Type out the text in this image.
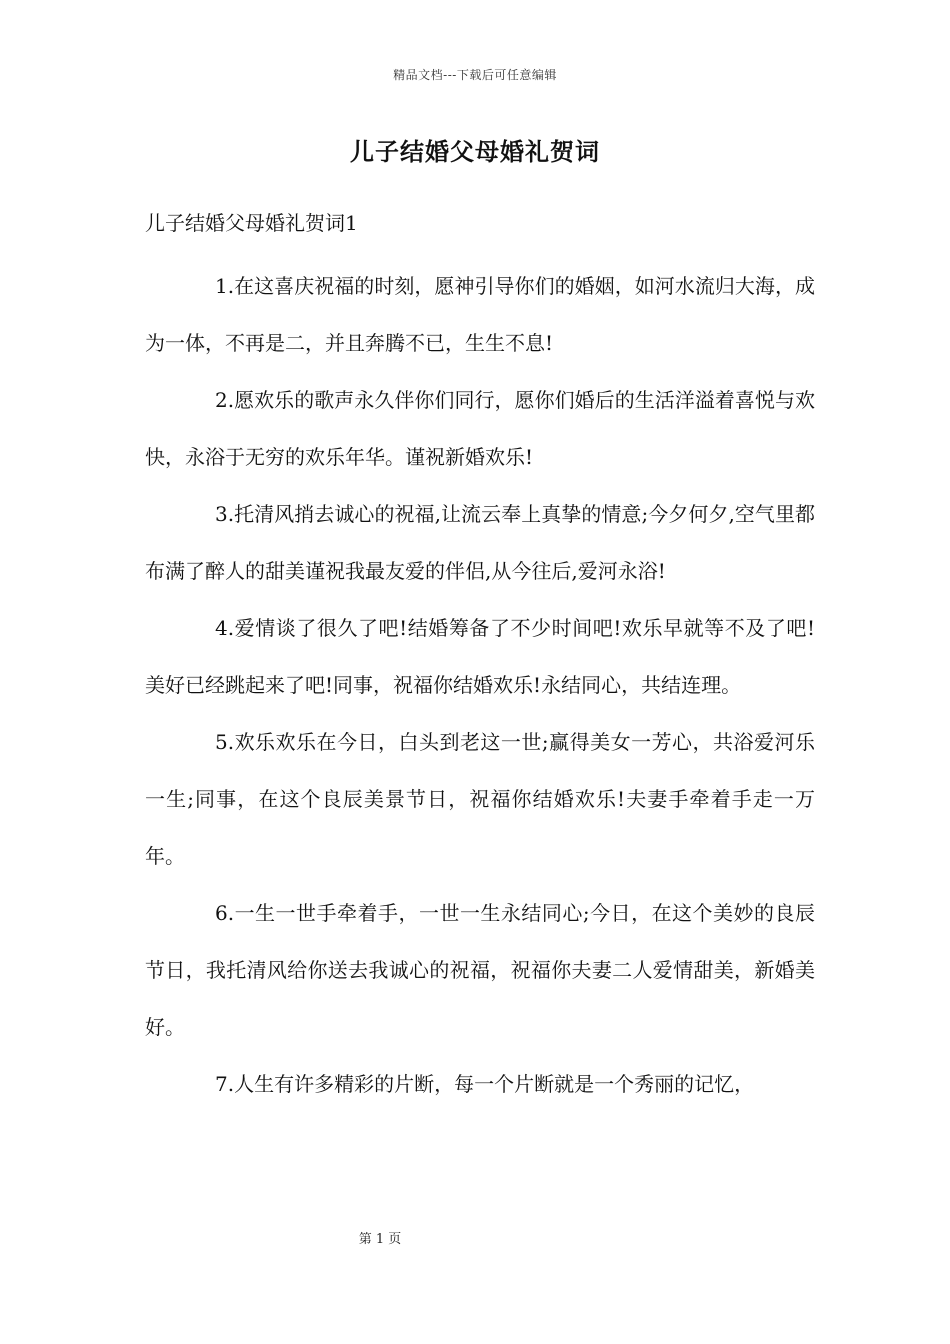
精品文档---下载后可任意编辑
儿子结婚父母婚礼贺词

儿子结婚父母婚礼贺词1

1.在这喜庆祝福的时刻，愿神引导你们的婚姻，如河水流归大海，成为一体，不再是二，并且奔腾不已，生生不息!

2.愿欢乐的歌声永久伴你们同行，愿你们婚后的生活洋溢着喜悦与欢快，永浴于无穷的欢乐年华。谨祝新婚欢乐!

3.托清风捎去诚心的祝福,让流云奉上真挚的情意;今夕何夕,空气里都布满了醉人的甜美谨祝我最友爱的伴侣,从今往后,爱河永浴!

4.爱情谈了很久了吧!结婚筹备了不少时间吧!欢乐早就等不及了吧!美好已经跳起来了吧!同事，祝福你结婚欢乐!永结同心，共结连理。

5.欢乐欢乐在今日，白头到老这一世;赢得美女一芳心，共浴爱河乐一生;同事，在这个良辰美景节日，祝福你结婚欢乐!夫妻手牵着手走一万年。

6.一生一世手牵着手，一世一生永结同心;今日，在这个美妙的良辰节日，我托清风给你送去我诚心的祝福，祝福你夫妻二人爱情甜美，新婚美好。

7.人生有许多精彩的片断，每一个片断就是一个秀丽的记忆，

第 1 页
